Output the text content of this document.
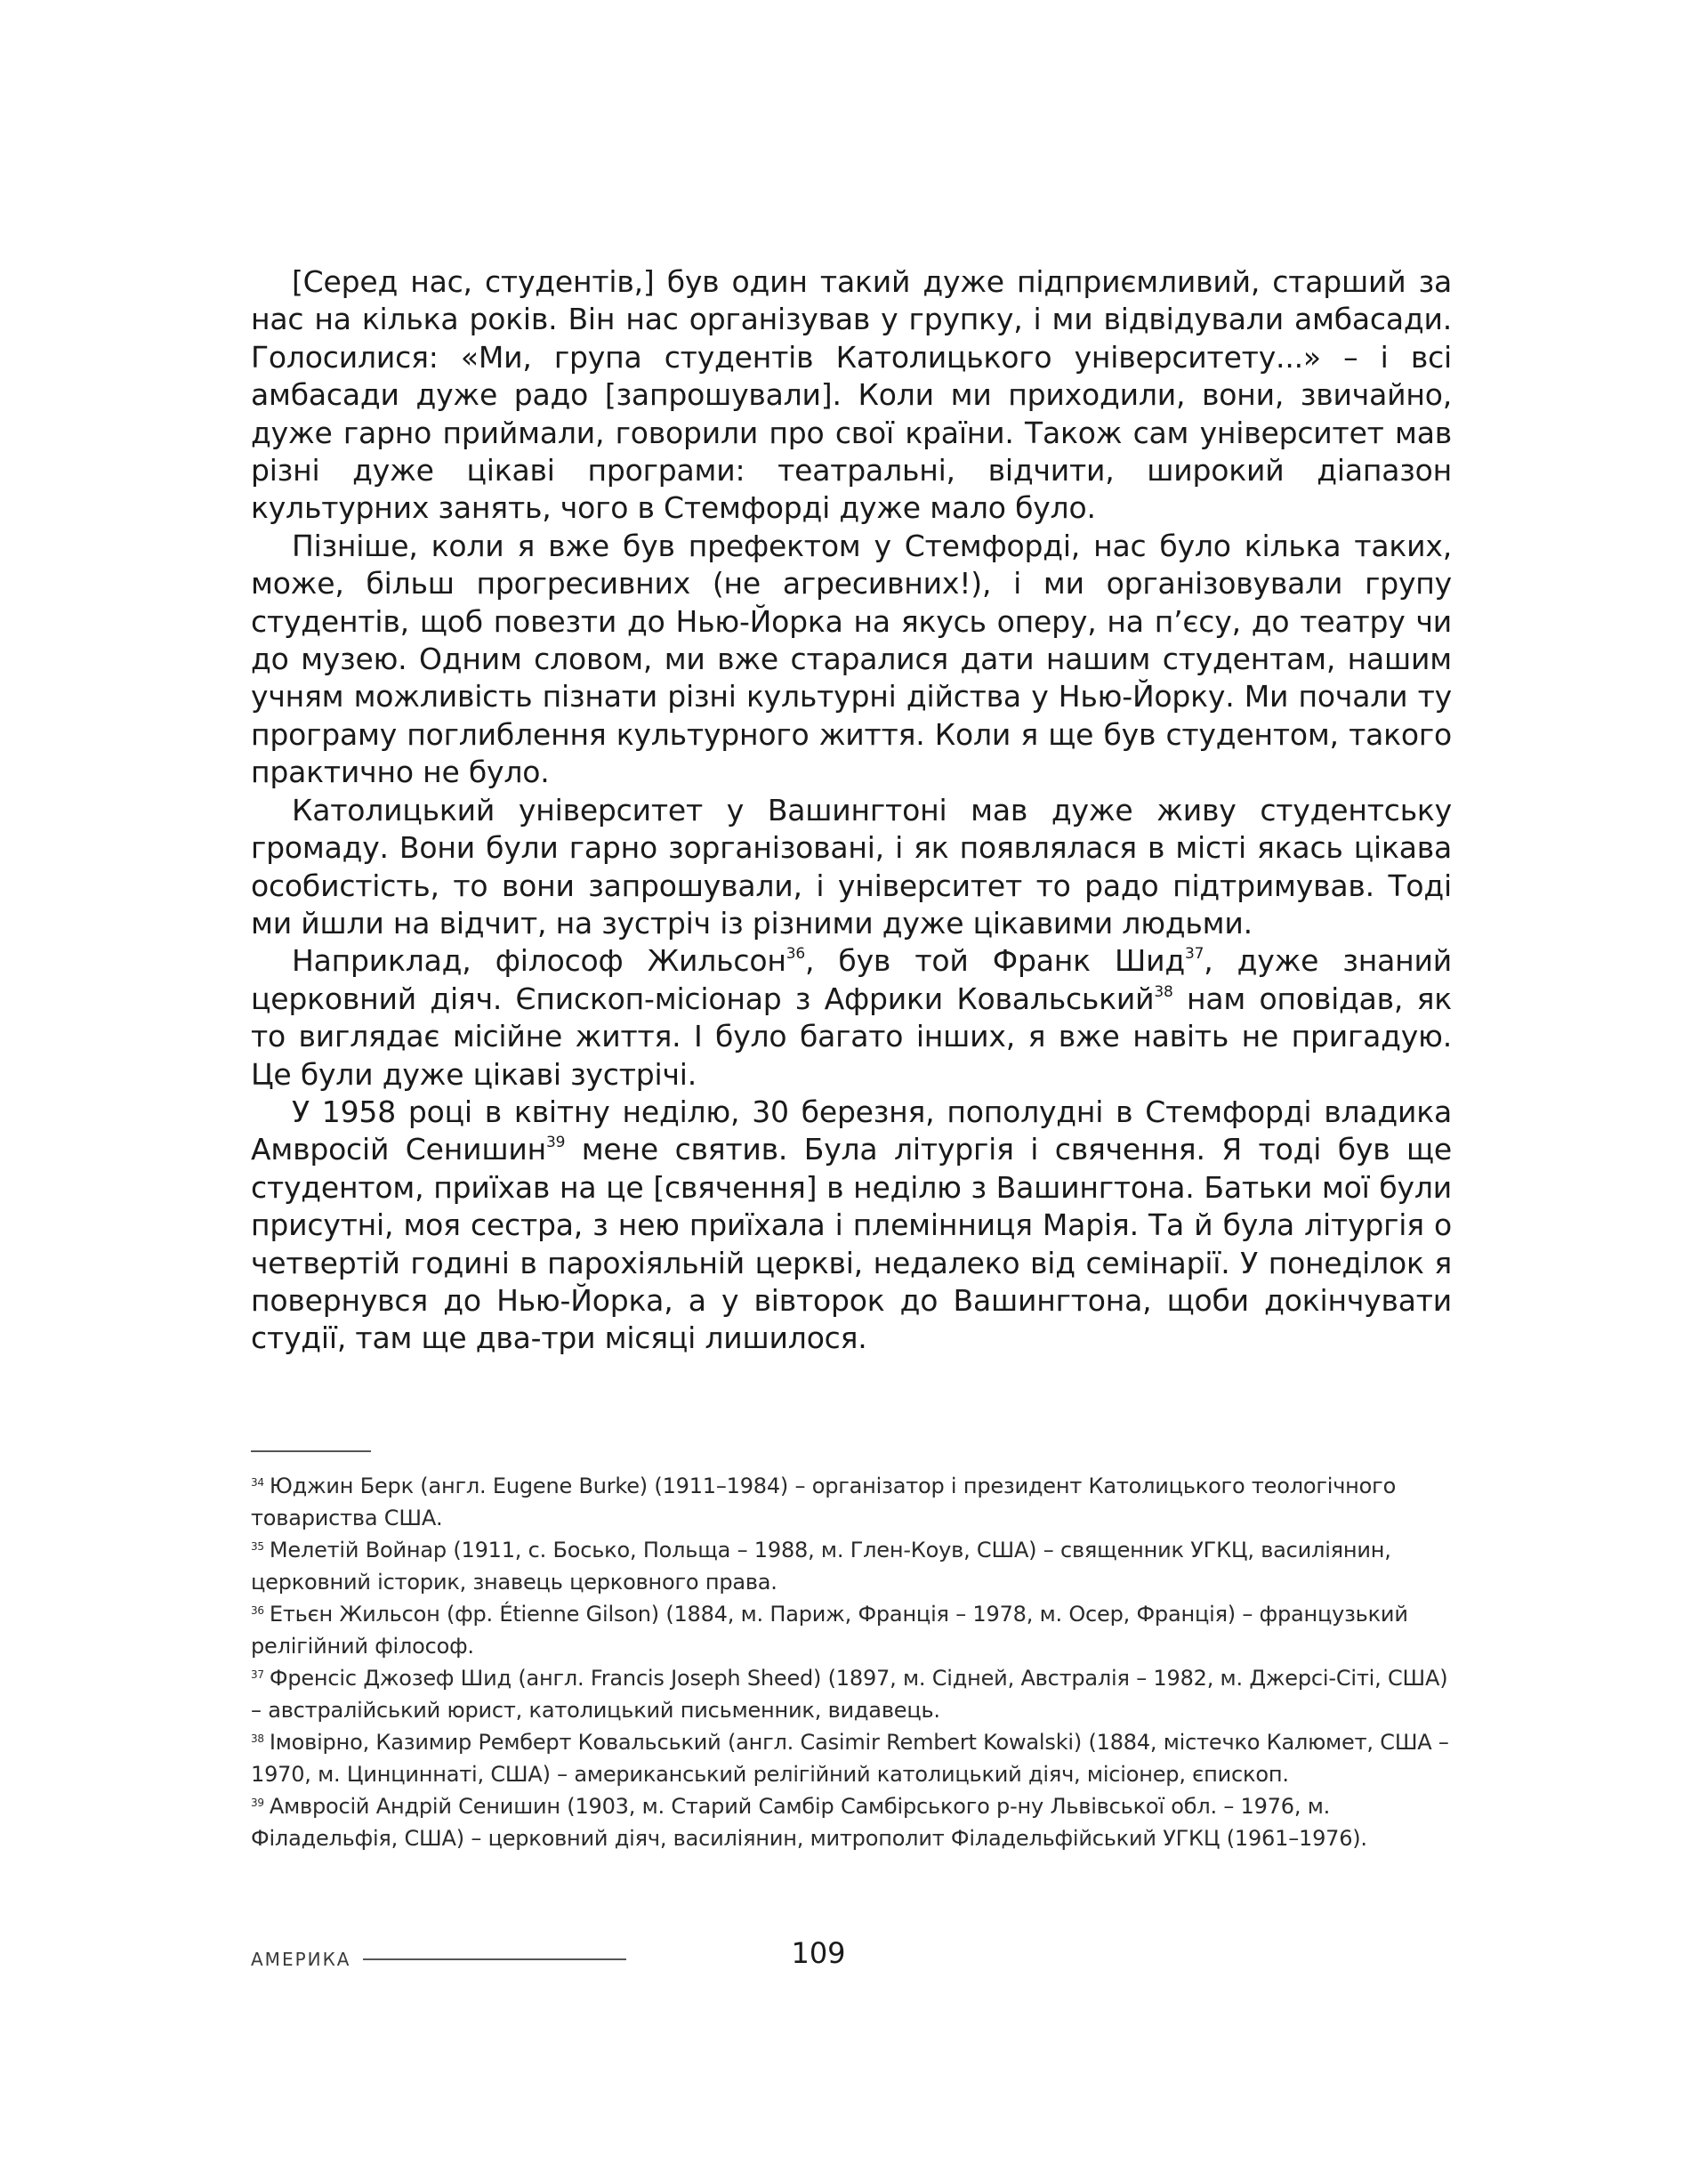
[Серед нас, студентів,] був один такий дуже підприємливий, старший за нас на кілька років. Він нас організував у групку, і ми відвідували амбасади. Голосилися: «Ми, група студентів Католицького університету...» – і всі амбасади дуже радо [запрошували]. Коли ми приходили, вони, звичайно, дуже гарно приймали, говорили про свої країни. Також сам університет мав різні дуже цікаві програми: театральні, відчити, широкий діапазон культурних занять, чого в Стемфорді дуже мало було.

Пізніше, коли я вже був префектом у Стемфорді, нас було кілька таких, може, більш прогресивних (не агресивних!), і ми організовували групу студентів, щоб повезти до Нью-Йорка на якусь оперу, на п’єсу, до театру чи до музею. Одним словом, ми вже старалися дати нашим студентам, нашим учням можливість пізнати різні культурні дійства у Нью-Йорку. Ми почали ту програму поглиблення культурного життя. Коли я ще був студентом, такого практично не було.

Католицький університет у Вашингтоні мав дуже живу студентську громаду. Вони були гарно зорганізовані, і як появлялася в місті якась цікава особистість, то вони запрошували, і університет то радо підтримував. Тоді ми йшли на відчит, на зустріч із різними дуже цікавими людьми.

Наприклад, філософ Жильсон$^{36}$, був той Франк Шид$^{37}$, дуже знаний церковний діяч. Єпископ-місіонар з Африки Ковальський$^{38}$ нам оповідав, як то виглядає місійне життя. І було багато інших, я вже навіть не пригадую. Це були дуже цікаві зустрічі.

У 1958 році в квітну неділю, 30 березня, пополудні в Стемфорді владика Амвросій Сенишин$^{39}$ мене святив. Була літургія і свячення. Я тоді був ще студентом, приїхав на це [свячення] в неділю з Вашингтона. Батьки мої були присутні, моя сестра, з нею приїхала і племінниця Марія. Та й була літургія о четвертій годині в парохіяльній церкві, недалеко від семінарії. У понеділок я повернувся до Нью-Йорка, а у вівторок до Вашингтона, щоби докінчувати студії, там ще два-три місяці лишилося.

$^{34}$ Юджин Берк (англ. Eugene Burke) (1911–1984) – організатор і президент Католицького теологічного товариства США.

$^{35}$ Мелетій Войнар (1911, с. Босько, Польща – 1988, м. Глен-Коув, США) – священник УГКЦ, василіянин, церковний історик, знавець церковного права.

$^{36}$ Етьєн Жильсон (фр. Étienne Gilson) (1884, м. Париж, Франція – 1978, м. Осер, Франція) – французький релігійний філософ.

$^{37}$ Френсіс Джозеф Шид (англ. Francis Joseph Sheed) (1897, м. Сідней, Австралія – 1982, м. Джерсі-Сіті, США) – австралійський юрист, католицький письменник, видавець.

$^{38}$ Імовірно, Казимир Ремберт Ковальський (англ. Casimir Rembert Kowalski) (1884, містечко Калюмет, США – 1970, м. Цинциннаті, США) – американський релігійний католицький діяч, місіонер, єпископ.

$^{39}$ Амвросій Андрій Сенишин (1903, м. Старий Самбір Самбірського р-ну Львівської обл. – 1976, м. Філадельфія, США) – церковний діяч, василіянин, митрополит Філадельфійський УГКЦ (1961–1976).

АМЕРИКА	109
